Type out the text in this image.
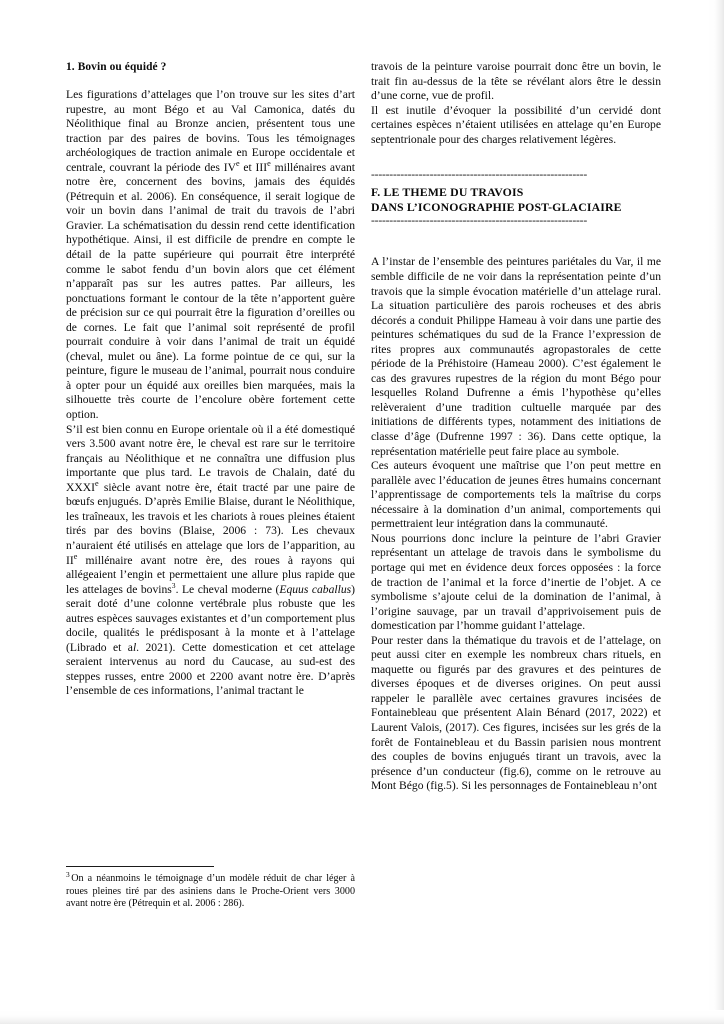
1. Bovin ou équidé ?

Les figurations d’attelages que l’on trouve sur les sites d’art rupestre, au mont Bégo et au Val Camonica, datés du Néolithique final au Bronze ancien, présentent tous une traction par des paires de bovins. Tous les témoignages archéologiques de traction animale en Europe occidentale et centrale, couvrant la période des IVe et IIIe millénaires avant notre ère, concernent des bovins, jamais des équidés (Pétrequin et al. 2006). En conséquence, il serait logique de voir un bovin dans l’animal de trait du travois de l’abri Gravier. La schématisation du dessin rend cette identification hypothétique. Ainsi, il est difficile de prendre en compte le détail de la patte supérieure qui pourrait être interprété comme le sabot fendu d’un bovin alors que cet élément n’apparaît pas sur les autres pattes. Par ailleurs, les ponctuations formant le contour de la tête n’apportent guère de précision sur ce qui pourrait être la figuration d’oreilles ou de cornes. Le fait que l’animal soit représenté de profil pourrait conduire à voir dans l’animal de trait un équidé (cheval, mulet ou âne). La forme pointue de ce qui, sur la peinture, figure le museau de l’animal, pourrait nous conduire à opter pour un équidé aux oreilles bien marquées, mais la silhouette très courte de l’encolure obère fortement cette option.

S’il est bien connu en Europe orientale où il a été domestiqué vers 3.500 avant notre ère, le cheval est rare sur le territoire français au Néolithique et ne connaîtra une diffusion plus importante que plus tard. Le travois de Chalain, daté du XXXIe siècle avant notre ère, était tracté par une paire de bœufs enjugués. D’après Emilie Blaise, durant le Néolithique, les traîneaux, les travois et les chariots à roues pleines étaient tirés par des bovins (Blaise, 2006 : 73). Les chevaux n’auraient été utilisés en attelage que lors de l’apparition, au IIe millénaire avant notre ère, des roues à rayons qui allégeaient l’engin et permettaient une allure plus rapide que les attelages de bovins$^3$. Le cheval moderne (Equus caballus) serait doté d’une colonne vertébrale plus robuste que les autres espèces sauvages existantes et d’un comportement plus docile, qualités le prédisposant à la monte et à l’attelage (Librado et al. 2021). Cette domestication et cet attelage seraient intervenus au nord du Caucase, au sud-est des steppes russes, entre 2000 et 2200 avant notre ère. D’après l’ensemble de ces informations, l’animal tractant le

travois de la peinture varoise pourrait donc être un bovin, le trait fin au-dessus de la tête se révélant alors être le dessin d’une corne, vue de profil.

Il est inutile d’évoquer la possibilité d’un cervidé dont certaines espèces n’étaient utilisées en attelage qu’en Europe septentrionale pour des charges relativement légères.

-----------------------------------------------------------
F. LE THEME DU TRAVOIS
DANS L’ICONOGRAPHIE POST-GLACIAIRE
-----------------------------------------------------------

A l’instar de l’ensemble des peintures pariétales du Var, il me semble difficile de ne voir dans la représentation peinte d’un travois que la simple évocation matérielle d’un attelage rural. La situation particulière des parois rocheuses et des abris décorés a conduit Philippe Hameau à voir dans une partie des peintures schématiques du sud de la France l’expression de rites propres aux communautés agropastorales de cette période de la Préhistoire (Hameau 2000). C’est également le cas des gravures rupestres de la région du mont Bégo pour lesquelles Roland Dufrenne a émis l’hypothèse qu’elles relèveraient d’une tradition cultuelle marquée par des initiations de différents types, notamment des initiations de classe d’âge (Dufrenne 1997 : 36). Dans cette optique, la représentation matérielle peut faire place au symbole.

Ces auteurs évoquent une maîtrise que l’on peut mettre en parallèle avec l’éducation de jeunes êtres humains concernant l’apprentissage de comportements tels la maîtrise du corps nécessaire à la domination d’un animal, comportements qui permettraient leur intégration dans la communauté.

Nous pourrions donc inclure la peinture de l’abri Gravier représentant un attelage de travois dans le symbolisme du portage qui met en évidence deux forces opposées : la force de traction de l’animal et la force d’inertie de l’objet. A ce symbolisme s’ajoute celui de la domination de l’animal, à l’origine sauvage, par un travail d’apprivoisement puis de domestication par l’homme guidant l’attelage.

Pour rester dans la thématique du travois et de l’attelage, on peut aussi citer en exemple les nombreux chars rituels, en maquette ou figurés par des gravures et des peintures de diverses époques et de diverses origines. On peut aussi rappeler le parallèle avec certaines gravures incisées de Fontainebleau que présentent Alain Bénard (2017, 2022) et Laurent Valois, (2017). Ces figures, incisées sur les grés de la forêt de Fontainebleau et du Bassin parisien nous montrent des couples de bovins enjugués tirant un travois, avec la présence d’un conducteur (fig.6), comme on le retrouve au Mont Bégo (fig.5). Si les personnages de Fontainebleau n’ont

$^3$ On a néanmoins le témoignage d’un modèle réduit de char léger à roues pleines tiré par des asiniens dans le Proche-Orient vers 3000 avant notre ère (Pétrequin et al. 2006 : 286).
